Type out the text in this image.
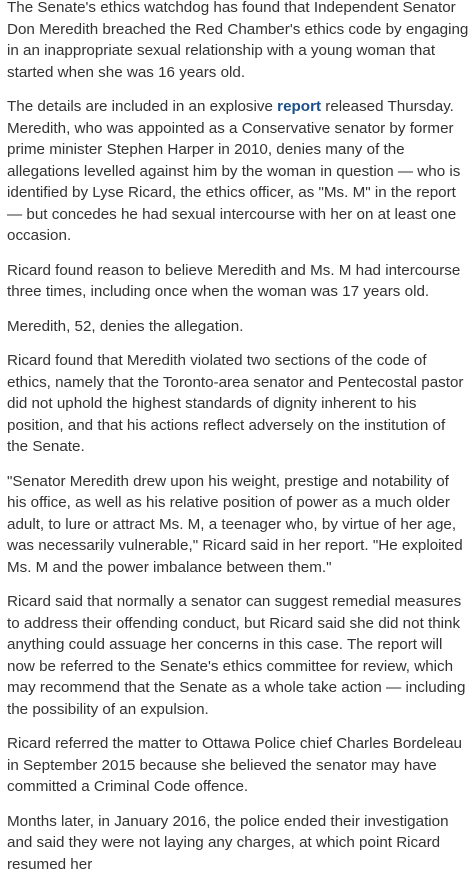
The Senate's ethics watchdog has found that Independent Senator Don Meredith breached the Red Chamber's ethics code by engaging in an inappropriate sexual relationship with a young woman that started when she was 16 years old.

The details are included in an explosive report released Thursday. Meredith, who was appointed as a Conservative senator by former prime minister Stephen Harper in 2010, denies many of the allegations levelled against him by the woman in question — who is identified by Lyse Ricard, the ethics officer, as "Ms. M" in the report — but concedes he had sexual intercourse with her on at least one occasion.

Ricard found reason to believe Meredith and Ms. M had intercourse three times, including once when the woman was 17 years old.

Meredith, 52, denies the allegation.

Ricard found that Meredith violated two sections of the code of ethics, namely that the Toronto-area senator and Pentecostal pastor did not uphold the highest standards of dignity inherent to his position, and that his actions reflect adversely on the institution of the Senate.

"Senator Meredith drew upon his weight, prestige and notability of his office, as well as his relative position of power as a much older adult, to lure or attract Ms. M, a teenager who, by virtue of her age, was necessarily vulnerable," Ricard said in her report. "He exploited Ms. M and the power imbalance between them."

Ricard said that normally a senator can suggest remedial measures to address their offending conduct, but Ricard said she did not think anything could assuage her concerns in this case. The report will now be referred to the Senate's ethics committee for review, which may recommend that the Senate as a whole take action — including the possibility of an expulsion.

Ricard referred the matter to Ottawa Police chief Charles Bordeleau in September 2015 because she believed the senator may have committed a Criminal Code offence.

Months later, in January 2016, the police ended their investigation and said they were not laying any charges, at which point Ricard resumed her
